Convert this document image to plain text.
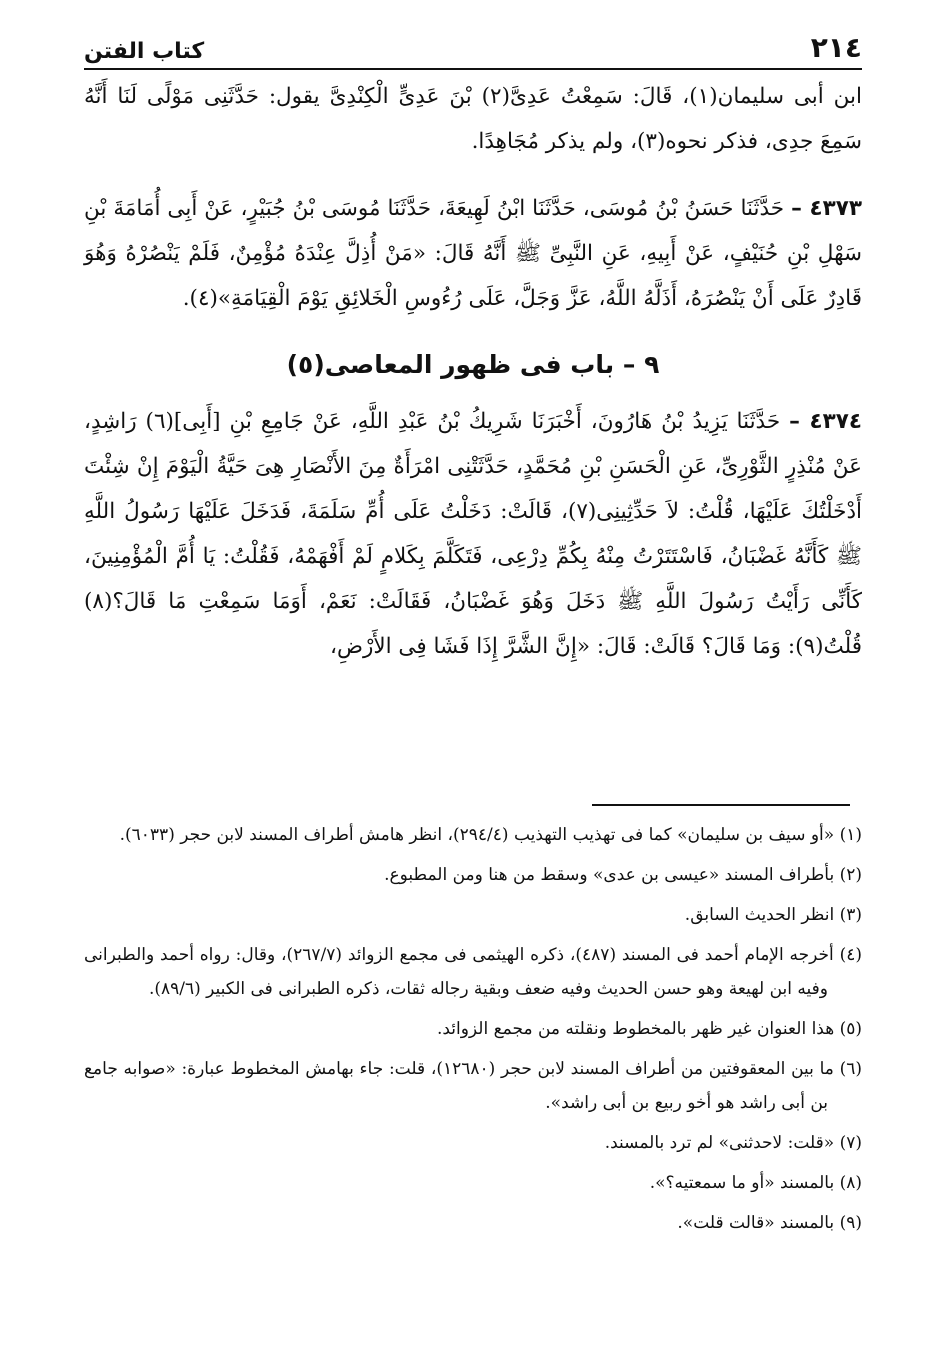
٢١٤
كتاب الفتن

ابن أبى سليمان(١)، قَالَ: سَمِعْتُ عَدِىَّ(٢) بْنَ عَدِىٍّ الْكِنْدِىَّ يقول: حَدَّثَنِى مَوْلًى لَنَا أَنَّهُ سَمِعَ جدِى، فذكر نحوه(٣)، ولم يذكر مُجَاهِدًا.

٤٣٧٣ – حَدَّثَنَا حَسَنُ بْنُ مُوسَى، حَدَّثَنَا ابْنُ لَهِيعَةَ، حَدَّثَنَا مُوسَى بْنُ جُبَيْرٍ، عَنْ أَبِى أُمَامَةَ بْنِ سَهْلِ بْنِ حُنَيْفٍ، عَنْ أَبِيهِ، عَنِ النَّبِىِّ ﷺ أَنَّهُ قَالَ: «مَنْ أُذِلَّ عِنْدَهُ مُؤْمِنٌ، فَلَمْ يَنْصُرْهُ وَهُوَ قَادِرٌ عَلَى أَنْ يَنْصُرَهُ، أَذَلَّهُ اللَّهُ، عَزَّ وَجَلَّ، عَلَى رُءُوسِ الْخَلائِقِ يَوْمَ الْقِيَامَةِ»(٤).

٩ – باب فى ظهور المعاصى(٥)

٤٣٧٤ – حَدَّثَنَا يَزِيدُ بْنُ هَارُونَ، أَخْبَرَنَا شَرِيكُ بْنُ عَبْدِ اللَّهِ، عَنْ جَامِعِ بْنِ [أَبِى](٦) رَاشِدٍ، عَنْ مُنْذِرٍ الثَّوْرِىِّ، عَنِ الْحَسَنِ بْنِ مُحَمَّدٍ، حَدَّثَتْنِى امْرَأَةٌ مِنَ الأَنْصَارِ هِىَ حَيَّةُ الْيَوْمَ إِنْ شِئْتَ أَدْخَلْتُكَ عَلَيْهَا، قُلْتُ: لاَ حَدِّثِينِى(٧)، قَالَتْ: دَخَلْتُ عَلَى أُمِّ سَلَمَةَ، فَدَخَلَ عَلَيْهَا رَسُولُ اللَّهِ ﷺ كَأَنَّهُ غَضْبَانُ، فَاسْتَتَرْتُ مِنْهُ بِكُمِّ دِرْعِى، فَتَكَلَّمَ بِكَلامٍ لَمْ أَفْهَمْهُ، فَقُلْتُ: يَا أُمَّ الْمُؤْمِنِينَ، كَأَنِّى رَأَيْتُ رَسُولَ اللَّهِ ﷺ دَخَلَ وَهُوَ غَضْبَانُ، فَقَالَتْ: نَعَمْ، أَوَمَا سَمِعْتِ مَا قَالَ؟(٨) قُلْتُ(٩): وَمَا قَالَ؟ قَالَتْ: قَالَ: «إِنَّ الشَّرَّ إِذَا فَشَا فِى الأَرْضِ،

(١) «أو سيف بن سليمان» كما فى تهذيب التهذيب (٢٩٤/٤)، انظر هامش أطراف المسند لابن حجر (٦٠٣٣).

(٢) بأطراف المسند «عيسى بن عدى» وسقط من هنا ومن المطبوع.

(٣) انظر الحديث السابق.

(٤) أخرجه الإمام أحمد فى المسند (٤٨٧)، ذكره الهيثمى فى مجمع الزوائد (٢٦٧/٧)، وقال: رواه أحمد والطبرانى وفيه ابن لهيعة وهو حسن الحديث وفيه ضعف وبقية رجاله ثقات، ذكره الطبرانى فى الكبير (٨٩/٦).

(٥) هذا العنوان غير ظهر بالمخطوط ونقلته من مجمع الزوائد.

(٦) ما بين المعقوفتين من أطراف المسند لابن حجر (١٢٦٨٠)، قلت: جاء بهامش المخطوط عبارة: «صوابه جامع بن أبى راشد هو أخو ربيع بن أبى راشد».

(٧) «قلت: لاحدثنى» لم ترد بالمسند.

(٨) بالمسند «أو ما سمعتيه؟».

(٩) بالمسند «قالت قلت».
